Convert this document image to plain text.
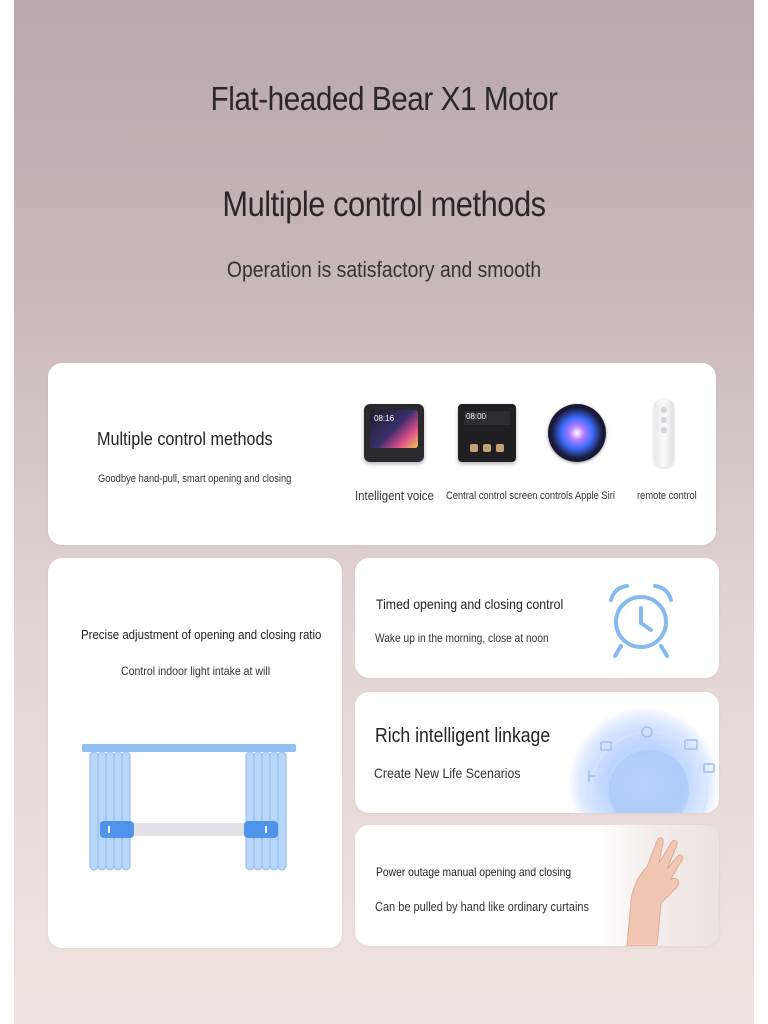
Flat-headed Bear X1 Motor
Multiple control methods
Operation is satisfactory and smooth
Multiple control methods
Goodbye hand-pull, smart opening and closing
08:16	08:00
Intelligent voice Central control screen controls Apple Siri remote control
Precise adjustment of opening and closing ratio
Control indoor light intake at will
Timed opening and closing control
Wake up in the morning, close at noon
Rich intelligent linkage
Create New Life Scenarios
Power outage manual opening and closing
Can be pulled by hand like ordinary curtains
